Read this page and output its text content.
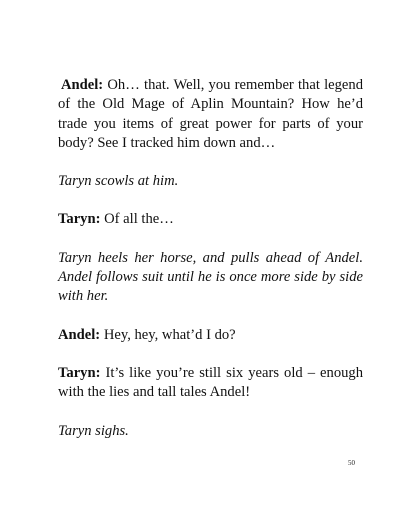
Andel: Oh… that. Well, you remember that legend of the Old Mage of Aplin Mountain? How he’d trade you items of great power for parts of your body? See I tracked him down and…

Taryn scowls at him.

Taryn: Of all the…

Taryn heels her horse, and pulls ahead of Andel. Andel follows suit until he is once more side by side with her.

Andel: Hey, hey, what’d I do?

Taryn: It’s like you’re still six years old – enough with the lies and tall tales Andel!

Taryn sighs.

50
